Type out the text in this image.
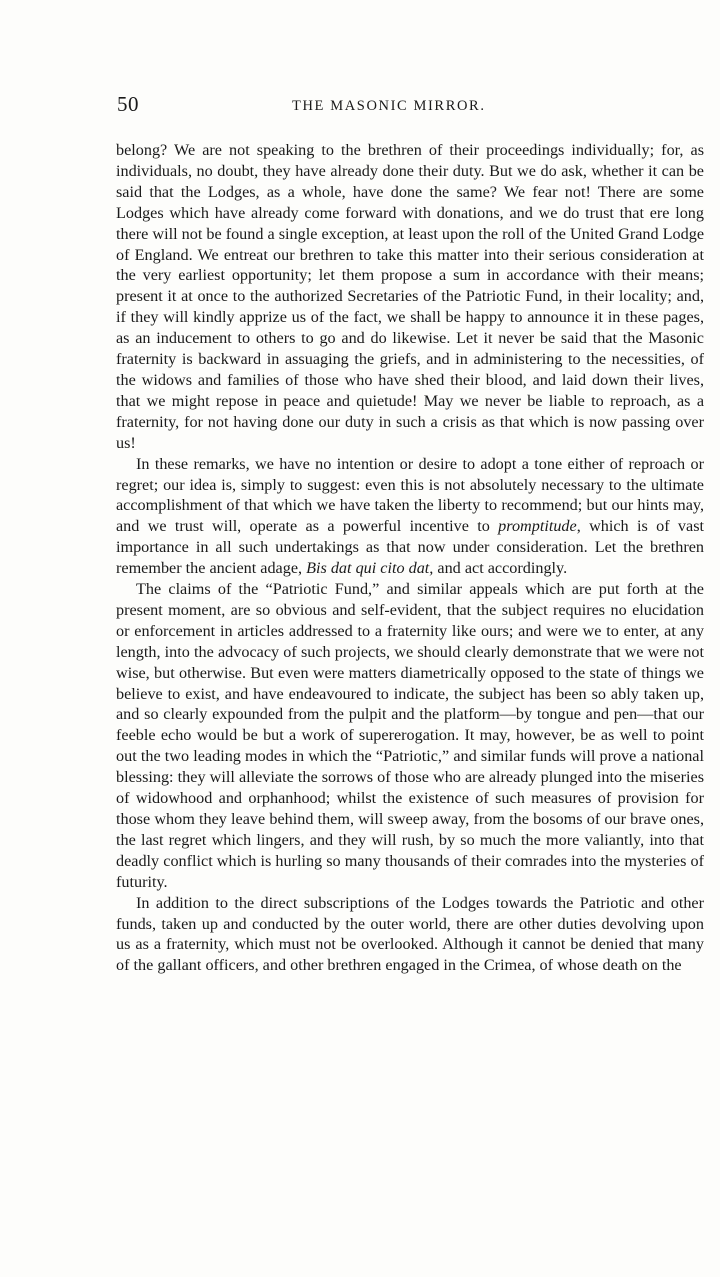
50	THE MASONIC MIRROR.

belong? We are not speaking to the brethren of their proceedings individually; for, as individuals, no doubt, they have already done their duty. But we do ask, whether it can be said that the Lodges, as a whole, have done the same? We fear not! There are some Lodges which have already come forward with donations, and we do trust that ere long there will not be found a single exception, at least upon the roll of the United Grand Lodge of England. We entreat our brethren to take this matter into their serious consideration at the very earliest opportunity; let them propose a sum in accordance with their means; present it at once to the authorized Secretaries of the Patriotic Fund, in their locality; and, if they will kindly apprize us of the fact, we shall be happy to announce it in these pages, as an inducement to others to go and do likewise. Let it never be said that the Masonic fraternity is backward in assuaging the griefs, and in administering to the necessities, of the widows and families of those who have shed their blood, and laid down their lives, that we might repose in peace and quietude! May we never be liable to reproach, as a fraternity, for not having done our duty in such a crisis as that which is now passing over us!

In these remarks, we have no intention or desire to adopt a tone either of reproach or regret; our idea is, simply to suggest: even this is not absolutely necessary to the ultimate accomplishment of that which we have taken the liberty to recommend; but our hints may, and we trust will, operate as a powerful incentive to promptitude, which is of vast importance in all such undertakings as that now under consideration. Let the brethren remember the ancient adage, Bis dat qui cito dat, and act accordingly.

The claims of the “Patriotic Fund,” and similar appeals which are put forth at the present moment, are so obvious and self-evident, that the subject requires no elucidation or enforcement in articles addressed to a fraternity like ours; and were we to enter, at any length, into the advocacy of such projects, we should clearly demonstrate that we were not wise, but otherwise. But even were matters diametrically opposed to the state of things we believe to exist, and have endeavoured to indicate, the subject has been so ably taken up, and so clearly expounded from the pulpit and the platform—by tongue and pen—that our feeble echo would be but a work of supererogation. It may, however, be as well to point out the two leading modes in which the “Patriotic,” and similar funds will prove a national blessing: they will alleviate the sorrows of those who are already plunged into the miseries of widowhood and orphanhood; whilst the existence of such measures of provision for those whom they leave behind them, will sweep away, from the bosoms of our brave ones, the last regret which lingers, and they will rush, by so much the more valiantly, into that deadly conflict which is hurling so many thousands of their comrades into the mysteries of futurity.

In addition to the direct subscriptions of the Lodges towards the Patriotic and other funds, taken up and conducted by the outer world, there are other duties devolving upon us as a fraternity, which must not be overlooked. Although it cannot be denied that many of the gallant officers, and other brethren engaged in the Crimea, of whose death on the
